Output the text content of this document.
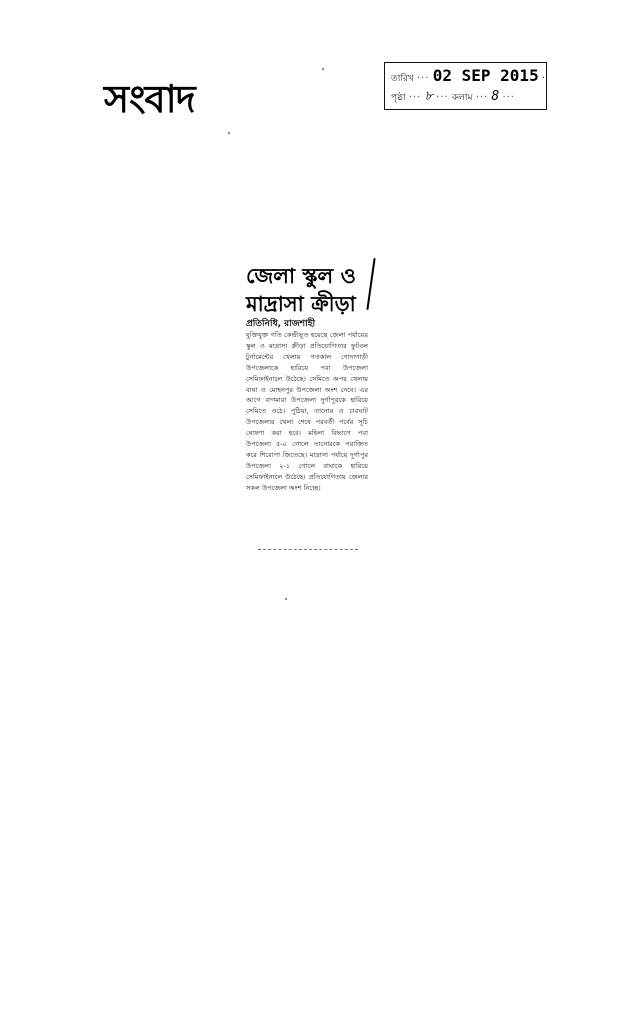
সংবাদ	তারিখ ··· 02 SEP 2015 ·
পৃষ্ঠা ··· ৮ ··· কলাম ··· 8 ···
জেলা স্কুল ও
মাদ্রাসা ক্রীড়া
প্রতিনিধি, রাজশাহী
যুক্তিযুক্ত গতি কেন্দ্রীভূত হয়েছে জেলা পর্যায়ের স্কুল ও মাদ্রাসা ক্রীড়া প্রতিযোগিতার ফুটবল টুর্নামেন্টের খেলায় গতকাল গোদাগাড়ী উপজেলাকে হারিয়ে পবা উপজেলা সেমিফাইনালে উঠেছে। সেমিতে অপর খেলায় বাঘা ও মোহনপুর উপজেলা অংশ নেবে। এর আগে বাগমারা উপজেলা দুর্গাপুরকে হারিয়ে সেমিতে ওঠে। পুঠিয়া, তানোর ও চারঘাট উপজেলার খেলা শেষে পরবর্তী পর্বের সূচি ঘোষণা করা হবে। মহিলা বিভাগে পবা উপজেলা ৫-০ গোলে তানোরকে পরাজিত করে শিরোপা জিতেছে। মাদ্রাসা পর্যায়ে দুর্গাপুর উপজেলা ২-১ গোলে বাঘাকে হারিয়ে সেমিফাইনালে উঠেছে। প্রতিযোগিতায় জেলার সকল উপজেলা অংশ নিচ্ছে।
